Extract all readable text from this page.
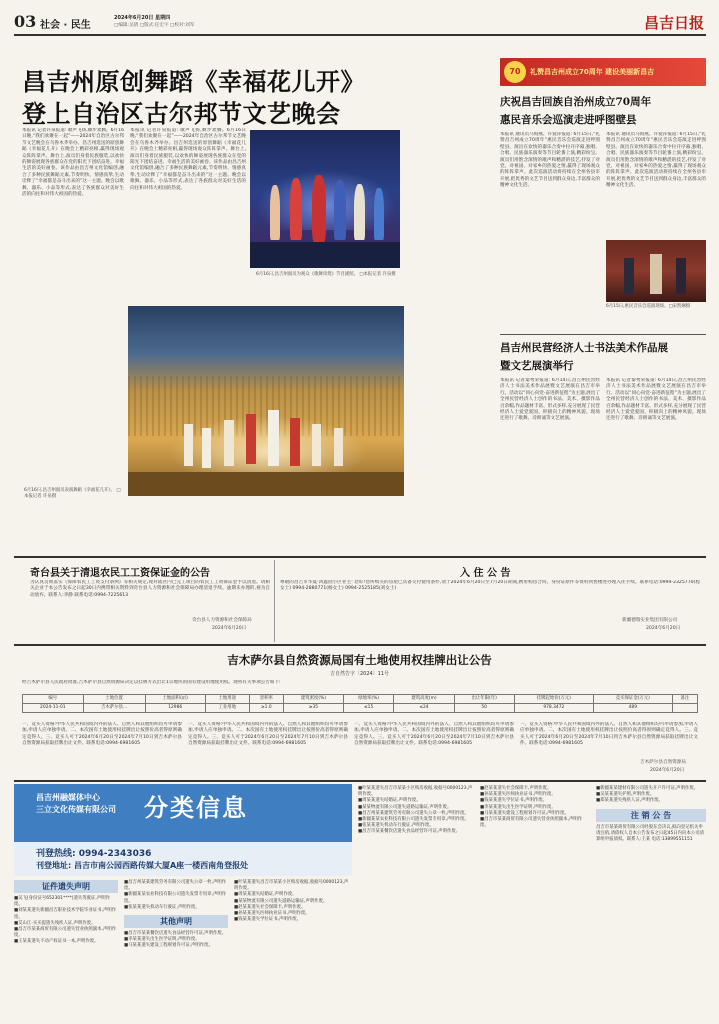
03 社会 · 民生
2024年6月20日 星期四
□编辑:吴倩 □版式:任宏宇 □校对:刘军	昌吉日报
昌吉州原创舞蹈《幸福花儿开》
登上自治区古尔邦节文艺晚会
本报讯 记者许泉报道: 歌声飞扬,舞步欢腾。6月16日晚,“我们欢聚在一起”——2024年自治区古尔邦节文艺晚会在乌鲁木齐举办。昌吉州选送的原创舞蹈《幸福花儿开》在晚会上精彩亮相,赢得现场观众阵阵掌声。舞台上,演员们身着民族服装,以欢快的舞姿展现各族群众在党的阳光下团结奋进、幸福生活的美好画卷。该作品由昌吉州文化馆编创,融合了多种民族舞蹈元素,节奏明快、情感真挚,生动诠释了“幸福都是奋斗出来的”这一主题。晚会以歌舞、器乐、小品等形式,表达了各族群众对美好生活的向往和对伟大祖国的热爱。
本报讯 记者许泉报道: 歌声飞扬,舞步欢腾。6月16日晚,“我们欢聚在一起”——2024年自治区古尔邦节文艺晚会在乌鲁木齐举办。昌吉州选送的原创舞蹈《幸福花儿开》在晚会上精彩亮相,赢得现场观众阵阵掌声。舞台上,演员们身着民族服装,以欢快的舞姿展现各族群众在党的阳光下团结奋进、幸福生活的美好画卷。该作品由昌吉州文化馆编创,融合了多种民族舞蹈元素,节奏明快、情感真挚,生动诠释了“幸福都是奋斗出来的”这一主题。晚会以歌舞、器乐、小品等形式,表达了各族群众对美好生活的向往和对伟大祖国的热爱。
6月16日,昌吉州演员为观众《歌舞串烧》节目剧照。 □本报记者 许泉摄
6月16日,昌吉州演员表演舞蹈《幸福花儿开》。 □本报记者 许泉摄
70	礼赞昌吉州成立70周年 建设美丽新昌吉
庆祝昌吉回族自治州成立70周年
惠民音乐会巡演走进呼图壁县
本报讯 通讯员马海燕、许爱萍报道: 6月15日,“礼赞昌吉州成立70周年”惠民音乐会巡演走进呼图壁县。演出在欢快的器乐合奏中拉开序幕,独唱、合唱、民族器乐演奏等节目轮番上演,精彩纷呈。演员们用饱含深情的歌声和精湛的技艺,抒发了对党、对祖国、对家乡的热爱之情,赢得了现场观众的阵阵掌声。此次巡演活动将持续在全州各县市开展,把优秀的文艺节目送到群众身边,丰富群众的精神文化生活。
本报讯 通讯员马海燕、许爱萍报道: 6月15日,“礼赞昌吉州成立70周年”惠民音乐会巡演走进呼图壁县。演出在欢快的器乐合奏中拉开序幕,独唱、合唱、民族器乐演奏等节目轮番上演,精彩纷呈。演员们用饱含深情的歌声和精湛的技艺,抒发了对党、对祖国、对家乡的热爱之情,赢得了现场观众的阵阵掌声。此次巡演活动将持续在全州各县市开展,把优秀的文艺节目送到群众身边,丰富群众的精神文化生活。
6月15日,惠民音乐会巡演现场。□宋凯娴摄
昌吉州民营经济人士书法美术作品展
暨文艺展演举行
本报讯 记者秦秀荣报道: 6月14日,昌吉州民营经济人士书法美术作品展暨文艺展演在昌吉市举行。活动以“同心向党·奋进新征程”为主题,展出了全州民营经济人士创作的书法、美术、摄影作品百余幅,作品题材丰富、形式多样,充分展现了民营经济人士爱党爱国、积极向上的精神风貌。现场还进行了歌舞、诗朗诵等文艺展演。
本报讯 记者秦秀荣报道: 6月14日,昌吉州民营经济人士书法美术作品展暨文艺展演在昌吉市举行。活动以“同心向党·奋进新征程”为主题,展出了全州民营经济人士创作的书法、美术、摄影作品百余幅,作品题材丰富、形式多样,充分展现了民营经济人士爱党爱国、积极向上的精神风貌。现场还进行了歌舞、诗朗诵等文艺展演。
奇台县关于清退农民工工资保证金的公告
为认真贯彻落实《保障农民工工资支付条例》等相关规定,现对辖区内已完工项目的农民工工资保证金予以清退。请相关企业于本公告发布之日起30日内携带相关资料到奇台县人力资源和社会保障局办理清退手续。逾期未办理的,视为自动放弃。联系人:李静 联系电话:0994-7225613
奇台县人力资源和社会保障局
2024年6月20日
入 住 公 告
尊敬的昌吉市华夏·鸿鑫园小区业主: 您好!您所购买的房屋已具备交付使用条件,请于2024年6月20日至7月20日期间,携带购房合同、身份证原件等资料到售楼处办理入住手续。联系电话:0994-2325770(程女士) 0994-2880771(杨女士) 0994-2525185(刘女士)
新疆德瑞实业集团有限公司
2024年6月20日
吉木萨尔县自然资源局国有土地使用权挂牌出让公告
吉自然告字〔2024〕11号
经吉木萨尔县人民政府批准,吉木萨尔县自然资源局决定以挂牌方式出让1宗地块的国有建设用地使用权。现将有关事项公告如下:
编号	土地位置	土地面积(㎡)	土地用途	容积率	建筑密度(%)	绿地率(%)	建筑高度(m)	出让年限(年)	挂牌起始价(万元)	竞买保证金(万元)	备注
2024-11-01	吉木萨尔县...	12986	工业用地	≥1.0	≥35	≤15	≤24	50	978.3472	489	
一、竞买人资格:中华人民共和国境内外的法人、自然人和其他组织均可申请参加,申请人应单独申请。二、本次国有土地使用权挂牌出让按照价高者得原则确定竞得人。三、竞买人可于2024年6月20日至2024年7月10日到吉木萨尔县自然资源局获取挂牌出让文件。联系电话:0994-6981605
一、竞买人资格:中华人民共和国境内外的法人、自然人和其他组织均可申请参加,申请人应单独申请。二、本次国有土地使用权挂牌出让按照价高者得原则确定竞得人。三、竞买人可于2024年6月20日至2024年7月10日到吉木萨尔县自然资源局获取挂牌出让文件。联系电话:0994-6981605
一、竞买人资格:中华人民共和国境内外的法人、自然人和其他组织均可申请参加,申请人应单独申请。二、本次国有土地使用权挂牌出让按照价高者得原则确定竞得人。三、竞买人可于2024年6月20日至2024年7月10日到吉木萨尔县自然资源局获取挂牌出让文件。联系电话:0994-6981605
一、竞买人资格:中华人民共和国境内外的法人、自然人和其他组织均可申请参加,申请人应单独申请。二、本次国有土地使用权挂牌出让按照价高者得原则确定竞得人。三、竞买人可于2024年6月20日至2024年7月10日到吉木萨尔县自然资源局获取挂牌出让文件。联系电话:0994-6981605
吉木萨尔县自然资源局
2024年6月20日
昌吉州融媒体中心
三立文化传媒有限公司 分类信息
刊登热线: 0994-2343036
刊登地址: 昌吉市南公园西路传媒大厦A座一楼西南角登报处
证件遗失声明
■吴飞(身份证号652301****)遗失驾驶证,声明作废。
■刘某某遗失新疆昌吉职业技术学院毕业证书,声明作废。
■艾山江·买买提遗失残疾人证,声明作废。
■昌吉市某某商贸有限公司遗失营业执照副本,声明作废。
■王某某遗失不动产权证书一本,声明作废。
■昌吉州某某建筑劳务有限公司遗失公章一枚,声明作废。
■新疆某某农业科技有限公司遗失发票专用章,声明作废。
■张某某遗失机动车行驶证,声明作废。
其他声明
■昌吉市某某餐饮店遗失食品经营许可证,声明作废。
■李某某遗失出生医学证明,声明作废。
■马某某遗失建设工程规划许可证,声明作废。
■叶某某遗失昌吉市某某小区购房收据,收据号0000123,声明作废。
■周某某遗失结婚证,声明作废。
■某某物流有限公司遗失道路运输证,声明作废。
■赵某某遗失社会保障卡,声明作废。
■孙某某遗失医师执业证书,声明作废。
■钱某某遗失学位证书,声明作废。
■叶某某遗失昌吉市某某小区购房收据,收据号0000123,声明作废。
■周某某遗失结婚证,声明作废。
■某某物流有限公司遗失道路运输证,声明作废。
■昌吉州某某建筑劳务有限公司遗失公章一枚,声明作废。
■新疆某某农业科技有限公司遗失发票专用章,声明作废。
■张某某遗失机动车行驶证,声明作废。
■昌吉市某某餐饮店遗失食品经营许可证,声明作废。
■赵某某遗失社会保障卡,声明作废。
■孙某某遗失医师执业证书,声明作废。
■钱某某遗失学位证书,声明作废。
■李某某遗失出生医学证明,声明作废。
■马某某遗失建设工程规划许可证,声明作废。
■昌吉市某某商贸有限公司遗失营业执照副本,声明作废。
■新疆某某建材有限公司遗失开户许可证,声明作废。
■吴某某遗失护照,声明作废。
■郑某某遗失残疾人证,声明作废。
注 销 公 告
昌吉市某某商贸有限公司经股东会决议,拟向登记机关申请注销,请债权人自本公告发布之日起45日内向本公司清算组申报债权。联系人:王某 电话:13899551151
